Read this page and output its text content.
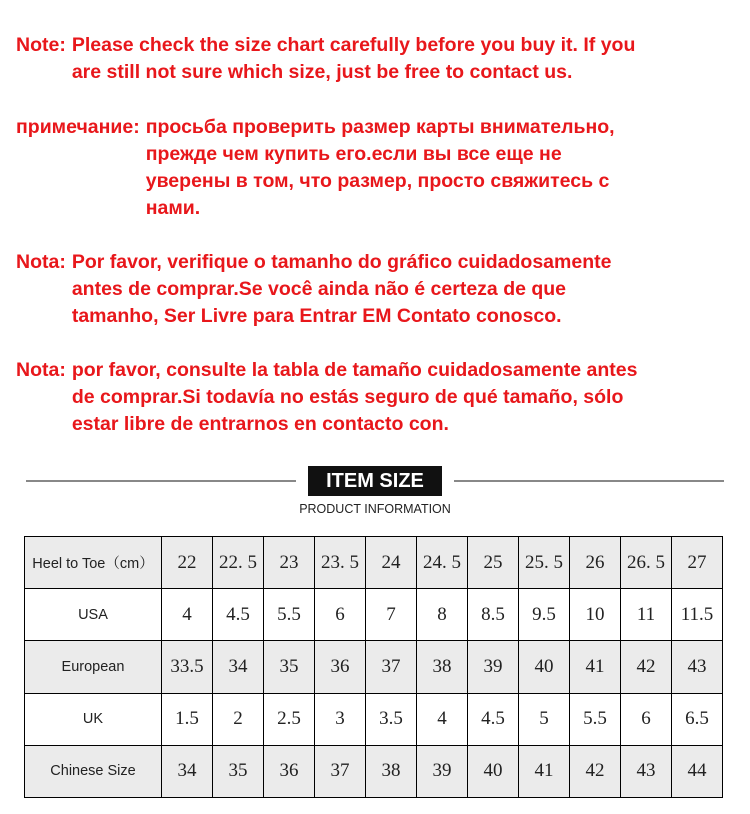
Note: Please check the size chart carefully before you buy it. If you
are still not sure which size, just be free to contact us.
примечание: просьба проверить размер карты внимательно,
прежде чем купить его.если вы все еще не
уверены в том, что размер, просто свяжитесь с
нами.
Nota: Por favor, verifique o tamanho do gráfico cuidadosamente
antes de comprar.Se você ainda não é certeza de que
tamanho, Ser Livre para Entrar EM Contato conosco.
Nota: por favor, consulte la tabla de tamaño cuidadosamente antes
de comprar.Si todavía no estás seguro de qué tamaño, sólo
estar libre de entrarnos en contacto con.
ITEM SIZE
PRODUCT INFORMATION
Heel to Toe（cm）	22	22. 5	23	23. 5	24	24. 5	25	25. 5	26	26. 5	27
USA	4	4.5	5.5	6	7	8	8.5	9.5	10	11	11.5
European	33.5	34	35	36	37	38	39	40	41	42	43
UK	1.5	2	2.5	3	3.5	4	4.5	5	5.5	6	6.5
Chinese Size	34	35	36	37	38	39	40	41	42	43	44
